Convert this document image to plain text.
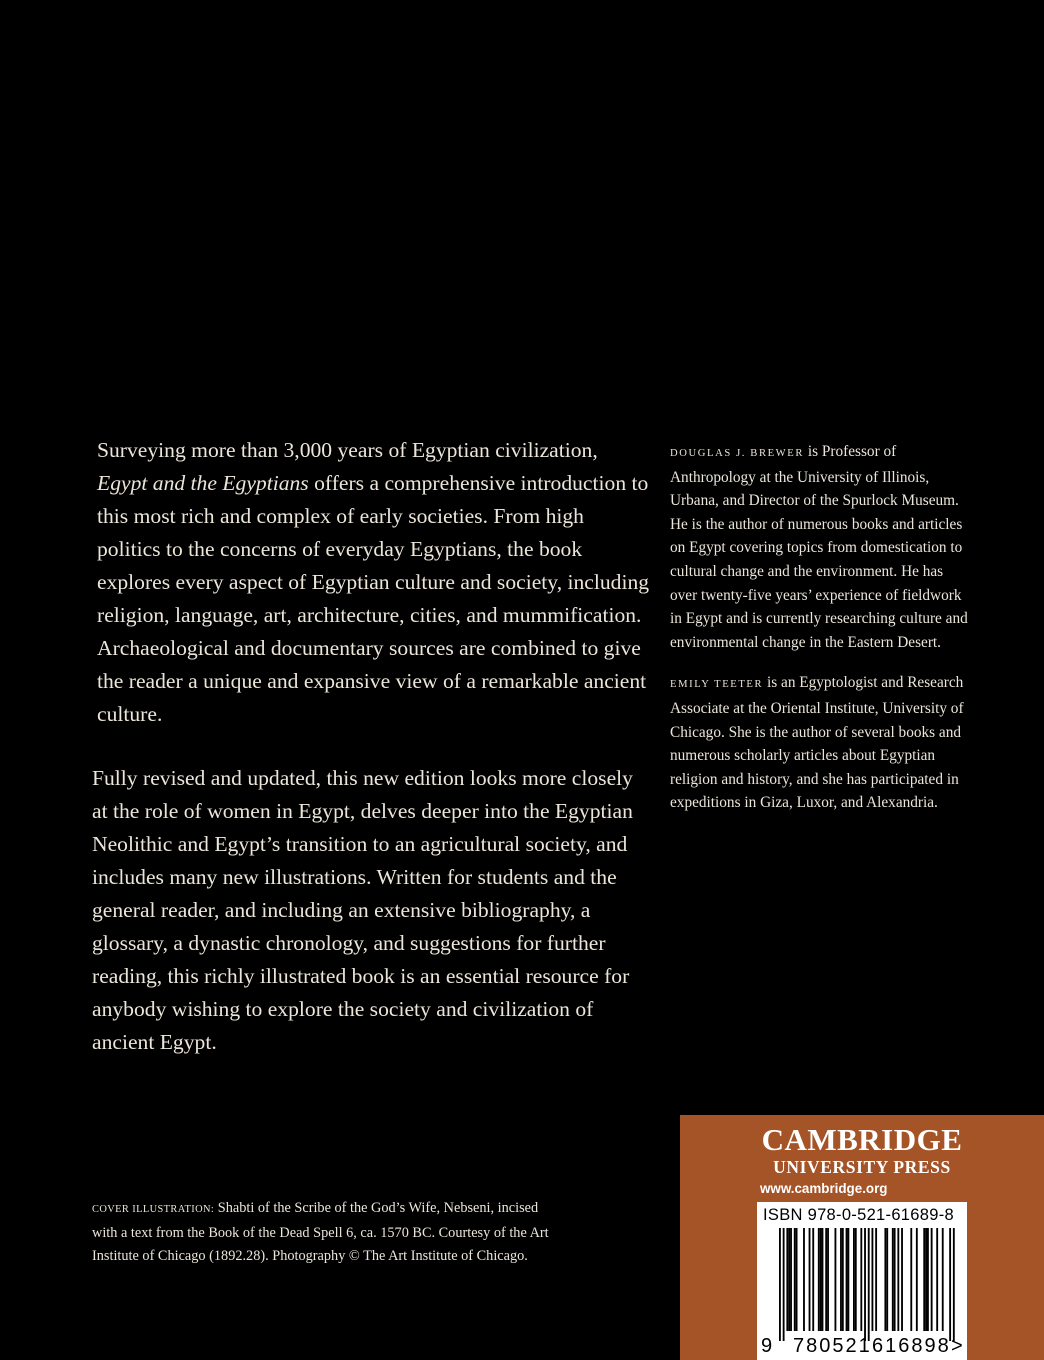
Surveying more than 3,000 years of Egyptian civilization, Egypt and the Egyptians offers a comprehensive introduction to this most rich and complex of early societies. From high politics to the concerns of everyday Egyptians, the book explores every aspect of Egyptian culture and society, including religion, language, art, architecture, cities, and mummification. Archaeological and documentary sources are combined to give the reader a unique and expansive view of a remarkable ancient culture.

Fully revised and updated, this new edition looks more closely at the role of women in Egypt, delves deeper into the Egyptian Neolithic and Egypt’s transition to an agricultural society, and includes many new illustrations. Written for students and the general reader, and including an extensive bibliography, a glossary, a dynastic chronology, and suggestions for further reading, this richly illustrated book is an essential resource for anybody wishing to explore the society and civilization of ancient Egypt.

DOUGLAS J. BREWER is Professor of Anthropology at the University of Illinois, Urbana, and Director of the Spurlock Museum. He is the author of numerous books and articles on Egypt covering topics from domestication to cultural change and the environment. He has over twenty-five years’ experience of fieldwork in Egypt and is currently researching culture and environmental change in the Eastern Desert.

EMILY TEETER is an Egyptologist and Research Associate at the Oriental Institute, University of Chicago. She is the author of several books and numerous scholarly articles about Egyptian religion and history, and she has participated in expeditions in Giza, Luxor, and Alexandria.

COVER ILLUSTRATION: Shabti of the Scribe of the God’s Wife, Nebseni, incised with a text from the Book of the Dead Spell 6, ca. 1570 BC. Courtesy of the Art Institute of Chicago (1892.28). Photography © The Art Institute of Chicago.

CAMBRIDGE
UNIVERSITY PRESS
www.cambridge.org
ISBN 978-0-521-61689-8
9 780521 616898 >
